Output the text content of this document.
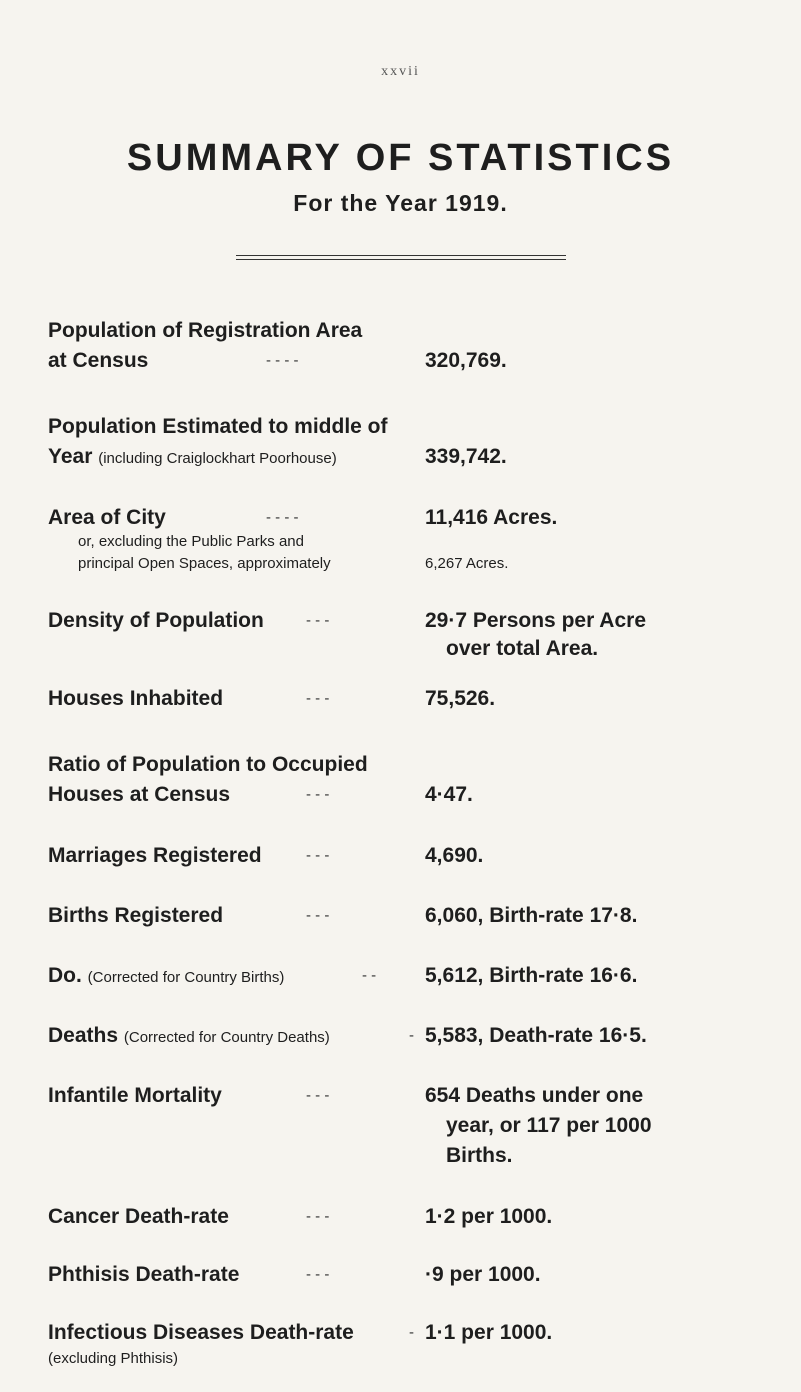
xxvii
SUMMARY OF STATISTICS
For the Year 1919.
Population of Registration Area
at Census	- - - -	320,769.
Population Estimated to middle of
Year (including Craiglockhart Poorhouse)	339,742.
Area of City	- - - -	11,416 Acres.
or, excluding the Public Parks and
principal Open Spaces, approximately	6,267 Acres.
Density of Population	- - -	29·7 Persons per Acre
over total Area.
Houses Inhabited	- - -	75,526.
Ratio of Population to Occupied
Houses at Census	- - -	4·47.
Marriages Registered	- - -	4,690.
Births Registered	- - -	6,060, Birth-rate 17·8.
Do. (Corrected for Country Births)	- - 5,612, Birth-rate 16·6.
Deaths (Corrected for Country Deaths)	- 5,583, Death-rate 16·5.
Infantile Mortality	- - -	654 Deaths under one
year, or 117 per 1000
Births.
Cancer Death-rate	- - -	1·2 per 1000.
Phthisis Death-rate	- - -	·9 per 1000.
Infectious Diseases Death-rate	- 1·1 per 1000.
(excluding Phthisis)
